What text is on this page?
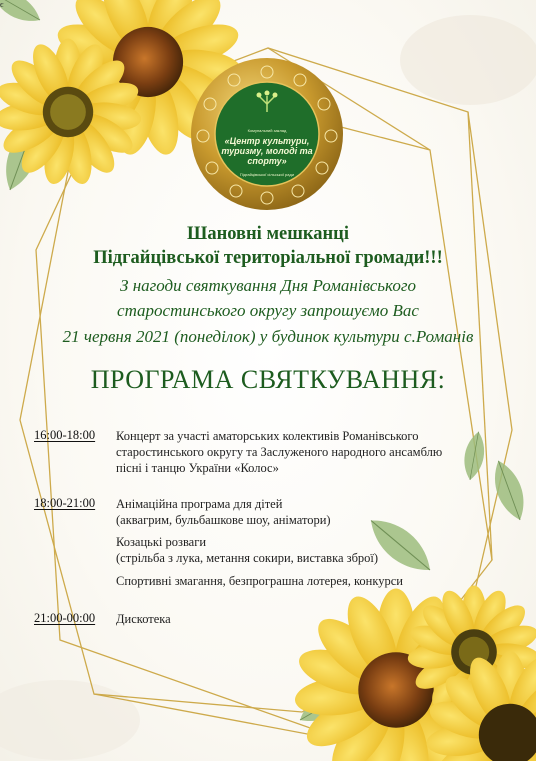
є
Комунальний заклад
«Центр культури, туризму, молоді та спорту»
Підгайцівської сільської ради
Шановні мешканці
Підгайцівської територіальної громади!!!
З нагоди святкування Дня Романівського
старостинського округу запрошуємо Вас
21 червня 2021 (понеділок) у будинок культури с.Романів
ПРОГРАМА СВЯТКУВАННЯ:
16:00-18:00 Концерт за участі аматорських колективів Романівського
старостинського округу та Заслуженого народного ансамблю
пісні і танцю України «Колос»
18:00-21:00 Анімаційна програма для дітей
(аквагрим, бульбашкове шоу, аніматори)
Козацькі розваги
(стрільба з лука, метання сокири, виставка зброї)
Спортивні змагання, безпрограшна лотерея, конкурси
21:00-00:00 Дискотека
